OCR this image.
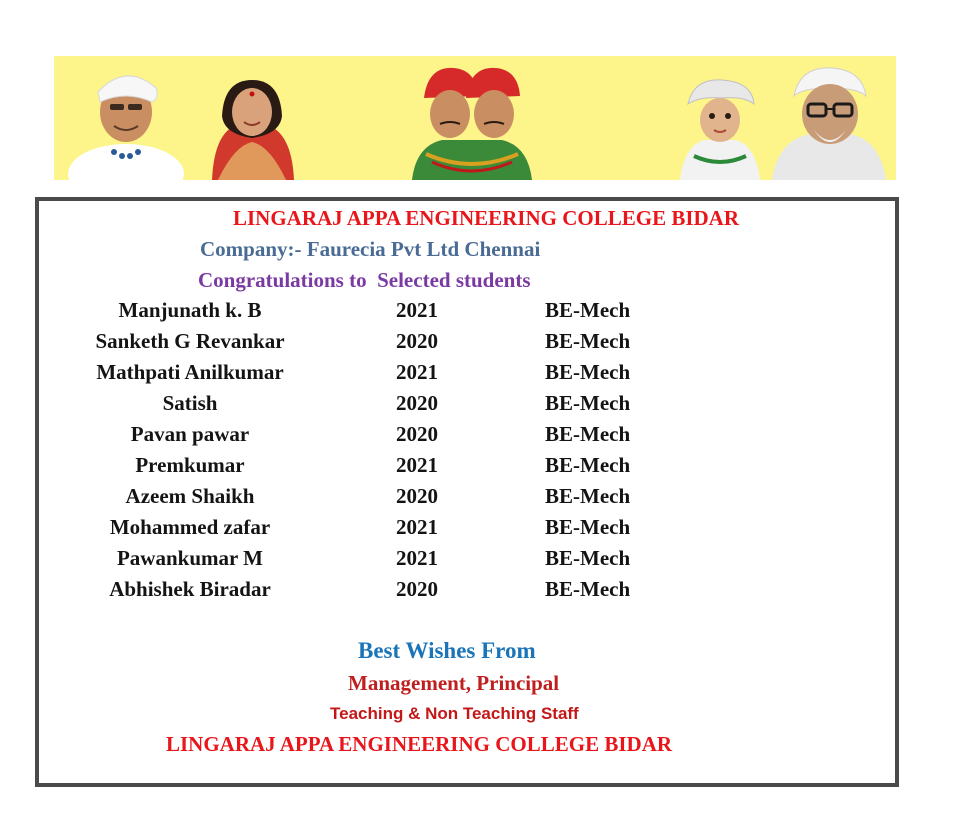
LINGARAJ APPA ENGINEERING COLLEGE BIDAR
Company:- Faurecia Pvt Ltd Chennai
Congratulations to  Selected students
Manjunath k. B	2021	BE-Mech
Sanketh G Revankar	2020	BE-Mech
Mathpati Anilkumar	2021	BE-Mech
Satish	2020	BE-Mech
Pavan pawar	2020	BE-Mech
Premkumar	2021	BE-Mech
Azeem Shaikh	2020	BE-Mech
Mohammed zafar	2021	BE-Mech
Pawankumar M	2021	BE-Mech
Abhishek Biradar	2020	BE-Mech
Best Wishes From
Management, Principal
Teaching & Non Teaching Staff
LINGARAJ APPA ENGINEERING COLLEGE BIDAR
